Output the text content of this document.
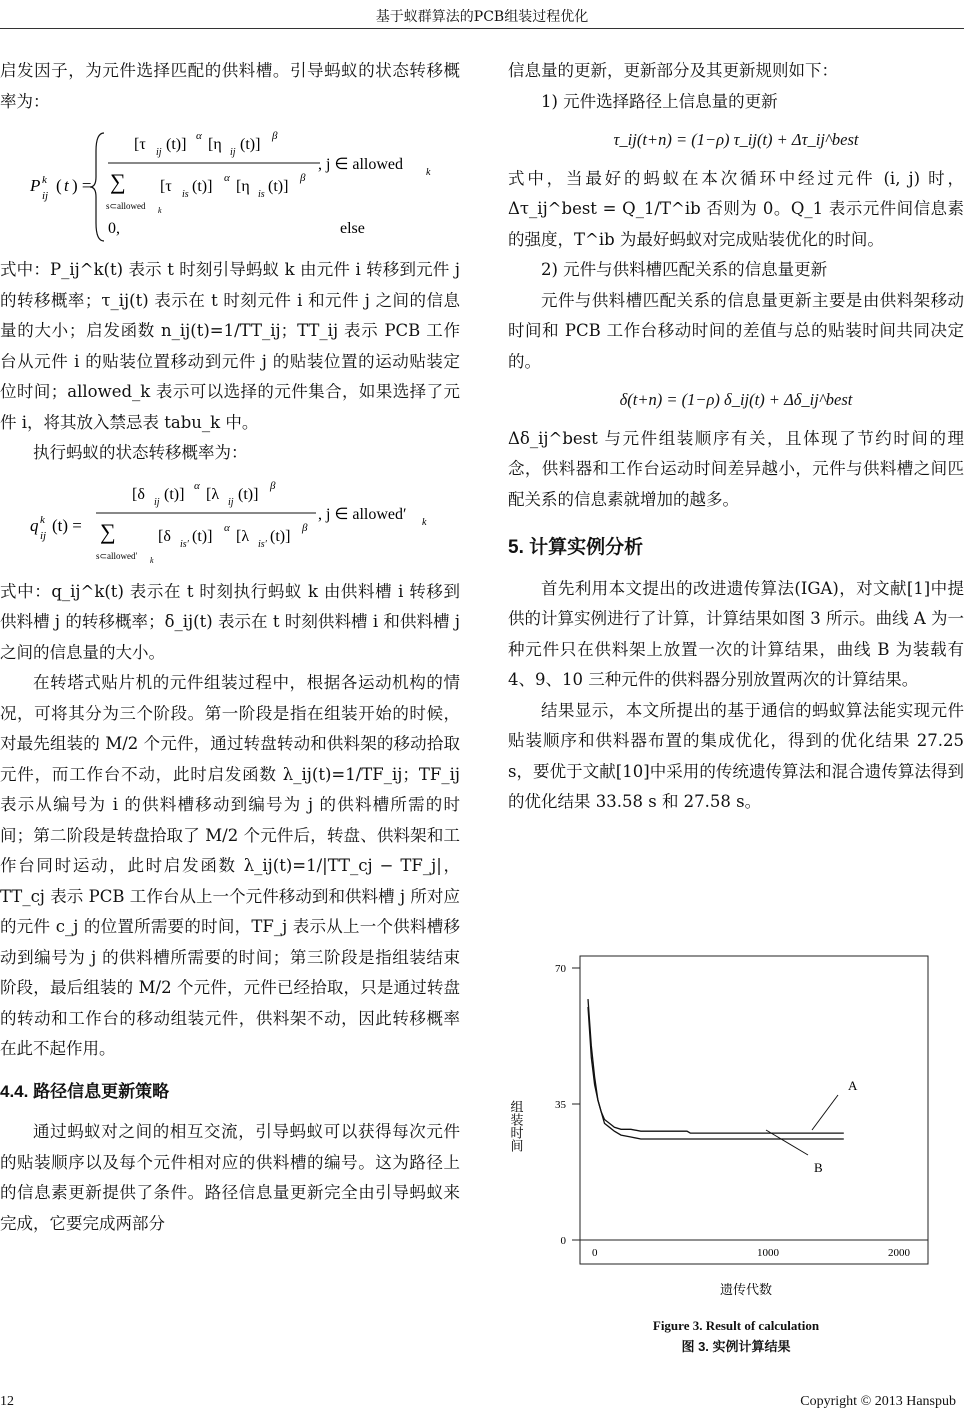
基于蚁群算法的PCB组装过程优化

启发因子，为元件选择匹配的供料槽。引导蚂蚁的状态转移概率为：

P k
ij
( t ) =
[τ ij (t)] α [η ij (t)] β
∑
s⊂allowed k
[τ is (t)] α [η is (t)] β
, j ∈ allowed k
0,	else

式中：P_ij^k(t) 表示 t 时刻引导蚂蚁 k 由元件 i 转移到元件 j 的转移概率；τ_ij(t) 表示在 t 时刻元件 i 和元件 j 之间的信息量的大小；启发函数 n_ij(t)=1/TT_ij；TT_ij 表示 PCB 工作台从元件 i 的贴装位置移动到元件 j 的贴装位置的运动贴装定位时间；allowed_k 表示可以选择的元件集合，如果选择了元件 i，将其放入禁忌表 tabu_k 中。

执行蚂蚁的状态转移概率为：

q k
ij
(t) =
[δ ij (t)] α [λ ij (t)] β
∑
s⊂allowed′ k
[δ is′ (t)] α [λ is′ (t)] β
, j ∈ allowed′ k

式中：q_ij^k(t) 表示在 t 时刻执行蚂蚁 k 由供料槽 i 转移到供料槽 j 的转移概率；δ_ij(t) 表示在 t 时刻供料槽 i 和供料槽 j 之间的信息量的大小。

在转塔式贴片机的元件组装过程中，根据各运动机构的情况，可将其分为三个阶段。第一阶段是指在组装开始的时候，对最先组装的 M/2 个元件，通过转盘转动和供料架的移动拾取元件，而工作台不动，此时启发函数 λ_ij(t)=1/TF_ij；TF_ij 表示从编号为 i 的供料槽移动到编号为 j 的供料槽所需的时间；第二阶段是转盘拾取了 M/2 个元件后，转盘、供料架和工作台同时运动，此时启发函数 λ_ij(t)=1/|TT_cj − TF_j|，TT_cj 表示 PCB 工作台从上一个元件移动到和供料槽 j 所对应的元件 c_j 的位置所需要的时间，TF_j 表示从上一个供料槽移动到编号为 j 的供料槽所需要的时间；第三阶段是指组装结束阶段，最后组装的 M/2 个元件，元件已经拾取，只是通过转盘的转动和工作台的移动组装元件，供料架不动，因此转移概率在此不起作用。

4.4. 路径信息更新策略

通过蚂蚁对之间的相互交流，引导蚂蚁可以获得每次元件的贴装顺序以及每个元件相对应的供料槽的编号。这为路径上的信息素更新提供了条件。路径信息量更新完全由引导蚂蚁来完成，它要完成两部分

信息量的更新，更新部分及其更新规则如下：

1) 元件选择路径上信息量的更新

τ_ij(t+n) = (1−ρ) τ_ij(t) + Δτ_ij^best

式中，当最好的蚂蚁在本次循环中经过元件 (i, j) 时，Δτ_ij^best = Q_1/T^ib 否则为 0。Q_1 表示元件间信息素的强度，T^ib 为最好蚂蚁对完成贴装优化的时间。

2) 元件与供料槽匹配关系的信息量更新

元件与供料槽匹配关系的信息量更新主要是由供料架移动时间和 PCB 工作台移动时间的差值与总的贴装时间共同决定的。

δ(t+n) = (1−ρ) δ_ij(t) + Δδ_ij^best

Δδ_ij^best 与元件组装顺序有关，且体现了节约时间的理念，供料器和工作台运动时间差异越小，元件与供料槽之间匹配关系的信息素就增加的越多。

5. 计算实例分析

首先利用本文提出的改进遗传算法(IGA)，对文献[1]中提供的计算实例进行了计算，计算结果如图 3 所示。曲线 A 为一种元件只在供料架上放置一次的计算结果，曲线 B 为装载有 4、9、10 三种元件的供料器分别放置两次的计算结果。

结果显示，本文所提出的基于通信的蚂蚁算法能实现元件贴装顺序和供料器布置的集成优化，得到的优化结果 27.25 s，要优于文献[10]中采用的传统遗传算法和混合遗传算法得到的优化结果 33.58 s 和 27.58 s。

组装时间
遗传代数
0
35
70
0	1000	2000
A
B
Figure 3. Result of calculation
图 3. 实例计算结果
12	Copyright © 2013 Hanspub
